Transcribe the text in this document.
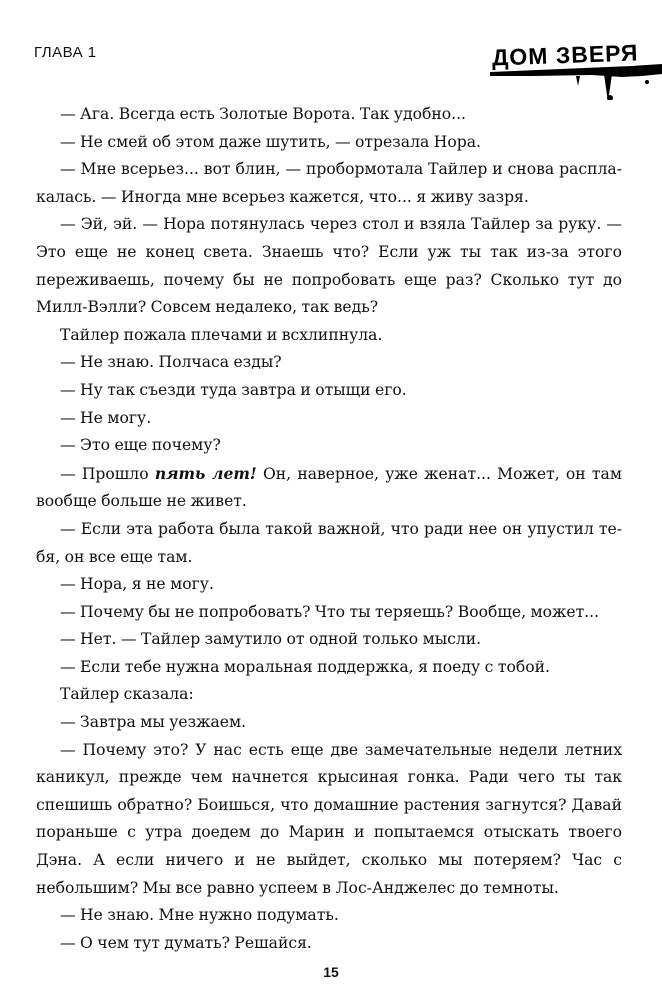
ГЛАВА 1	ДОМ ЗВЕРЯ

— Ага. Всегда есть Золотые Ворота. Так удобно...

— Не смей об этом даже шутить, — отрезала Нора.

— Мне всерьез... вот блин, — пробормотала Тайлер и снова расплакалась. — Иногда мне всерьез кажется, что... я живу зазря.

— Эй, эй. — Нора потянулась через стол и взяла Тайлер за руку. — Это еще не конец света. Знаешь что? Если уж ты так из-за этого переживаешь, почему бы не попробовать еще раз? Сколько тут до Милл-Вэлли? Совсем недалеко, так ведь?

Тайлер пожала плечами и всхлипнула.

— Не знаю. Полчаса езды?

— Ну так съезди туда завтра и отыщи его.

— Не могу.

— Это еще почему?

— Прошло пять лет! Он, наверное, уже женат... Может, он там вообще больше не живет.

— Если эта работа была такой важной, что ради нее он упустил тебя, он все еще там.

— Нора, я не могу.

— Почему бы не попробовать? Что ты теряешь? Вообще, может...

— Нет. — Тайлер замутило от одной только мысли.

— Если тебе нужна моральная поддержка, я поеду с тобой.

Тайлер сказала:

— Завтра мы уезжаем.

— Почему это? У нас есть еще две замечательные недели летних каникул, прежде чем начнется крысиная гонка. Ради чего ты так спешишь обратно? Боишься, что домашние растения загнутся? Давай пораньше с утра доедем до Марин и попытаемся отыскать твоего Дэна. А если ничего и не выйдет, сколько мы потеряем? Час с небольшим? Мы все равно успеем в Лос-Анджелес до темноты.

— Не знаю. Мне нужно подумать.

— О чем тут думать? Решайся.

15
